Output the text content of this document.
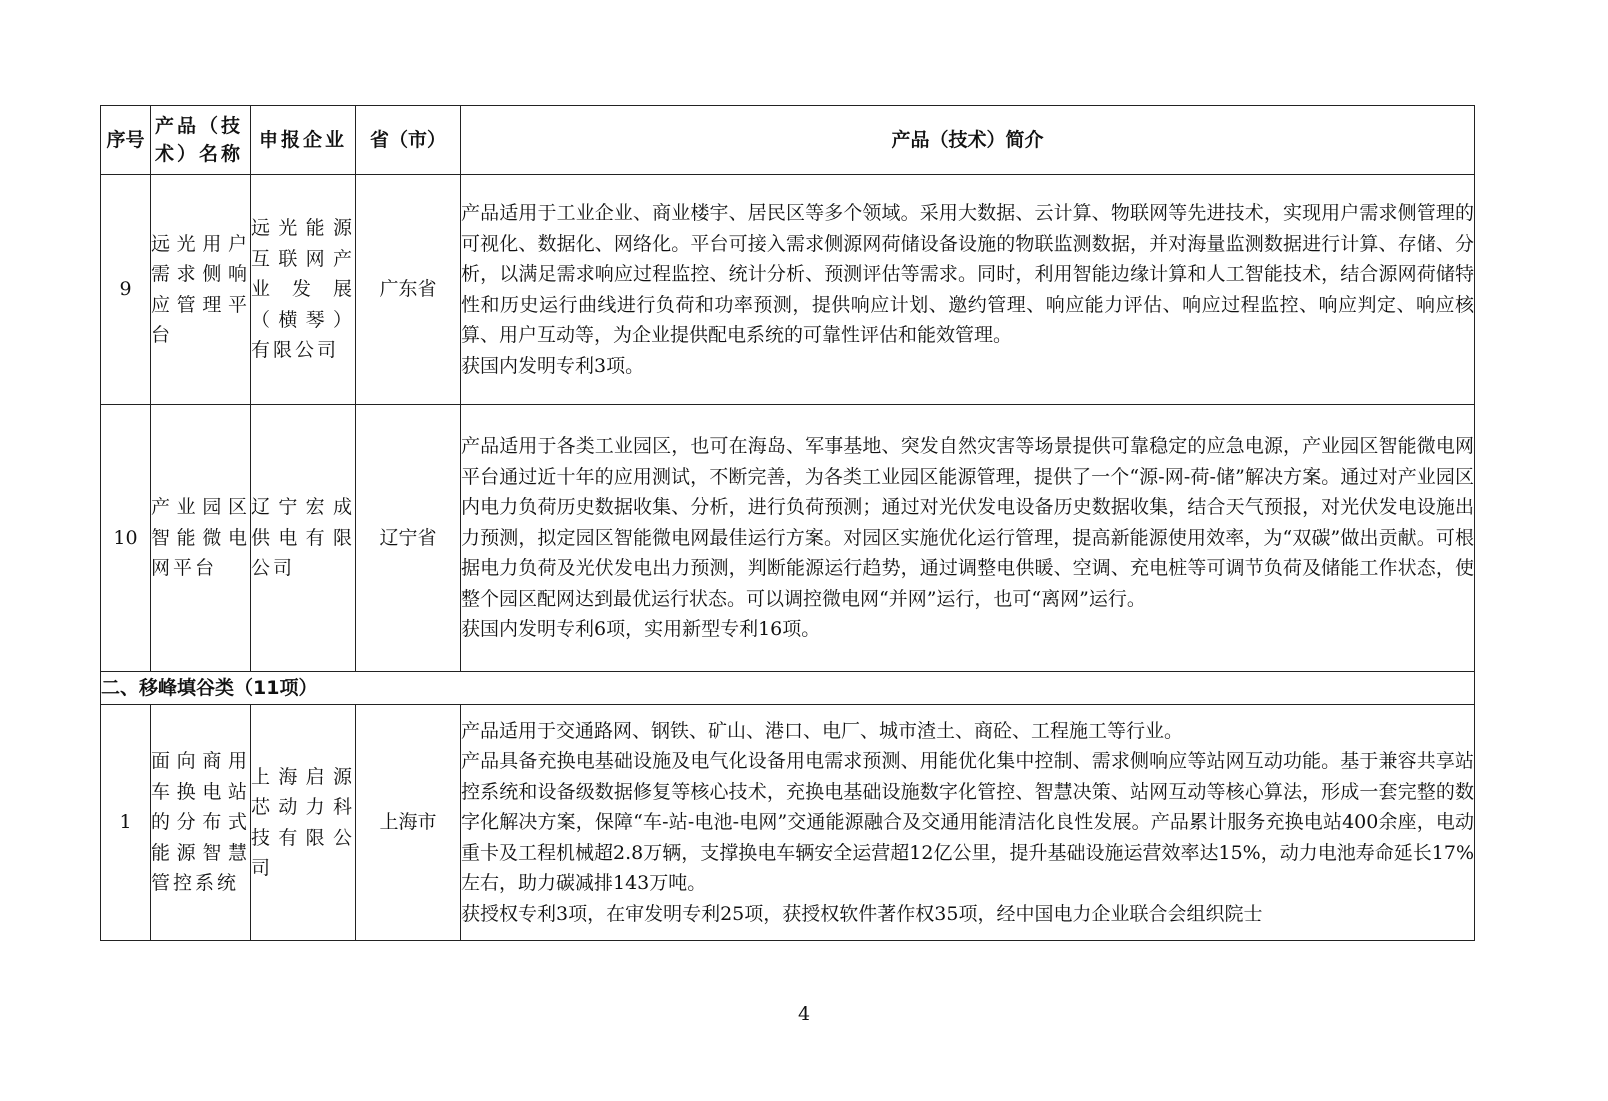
序号	产品（技术）名称	申报企业	省（市）	产品（技术）简介
9	远光用户需求侧响应管理平台	远光能源互联网产业发展（横琴）有限公司	广东省	产品适用于工业企业、商业楼宇、居民区等多个领域。采用大数据、云计算、物联网等先进技术，实现用户需求侧管理的可视化、数据化、网络化。平台可接入需求侧源网荷储设备设施的物联监测数据，并对海量监测数据进行计算、存储、分析，以满足需求响应过程监控、统计分析、预测评估等需求。同时，利用智能边缘计算和人工智能技术，结合源网荷储特性和历史运行曲线进行负荷和功率预测，提供响应计划、邀约管理、响应能力评估、响应过程监控、响应判定、响应核算、用户互动等，为企业提供配电系统的可靠性评估和能效管理。

获国内发明专利3项。

10	产业园区智能微电网平台	辽宁宏成供电有限公司	辽宁省	产品适用于各类工业园区，也可在海岛、军事基地、突发自然灾害等场景提供可靠稳定的应急电源，产业园区智能微电网平台通过近十年的应用测试，不断完善，为各类工业园区能源管理，提供了一个“源-网-荷-储”解决方案。通过对产业园区内电力负荷历史数据收集、分析，进行负荷预测；通过对光伏发电设备历史数据收集，结合天气预报，对光伏发电设施出力预测，拟定园区智能微电网最佳运行方案。对园区实施优化运行管理，提高新能源使用效率，为“双碳”做出贡献。可根据电力负荷及光伏发电出力预测，判断能源运行趋势，通过调整电供暖、空调、充电桩等可调节负荷及储能工作状态，使整个园区配网达到最优运行状态。可以调控微电网“并网”运行，也可“离网”运行。

获国内发明专利6项，实用新型专利16项。

二、移峰填谷类（11项）				
1	面向商用车换电站的分布式能源智慧管控系统	上海启源芯动力科技有限公司	上海市	产品适用于交通路网、钢铁、矿山、港口、电厂、城市渣土、商砼、工程施工等行业。

产品具备充换电基础设施及电气化设备用电需求预测、用能优化集中控制、需求侧响应等站网互动功能。基于兼容共享站控系统和设备级数据修复等核心技术，充换电基础设施数字化管控、智慧决策、站网互动等核心算法，形成一套完整的数字化解决方案，保障“车-站-电池-电网”交通能源融合及交通用能清洁化良性发展。产品累计服务充换电站400余座，电动重卡及工程机械超2.8万辆，支撑换电车辆安全运营超12亿公里，提升基础设施运营效率达15%，动力电池寿命延长17%左右，助力碳减排143万吨。

获授权专利3项，在审发明专利25项，获授权软件著作权35项，经中国电力企业联合会组织院士

4
